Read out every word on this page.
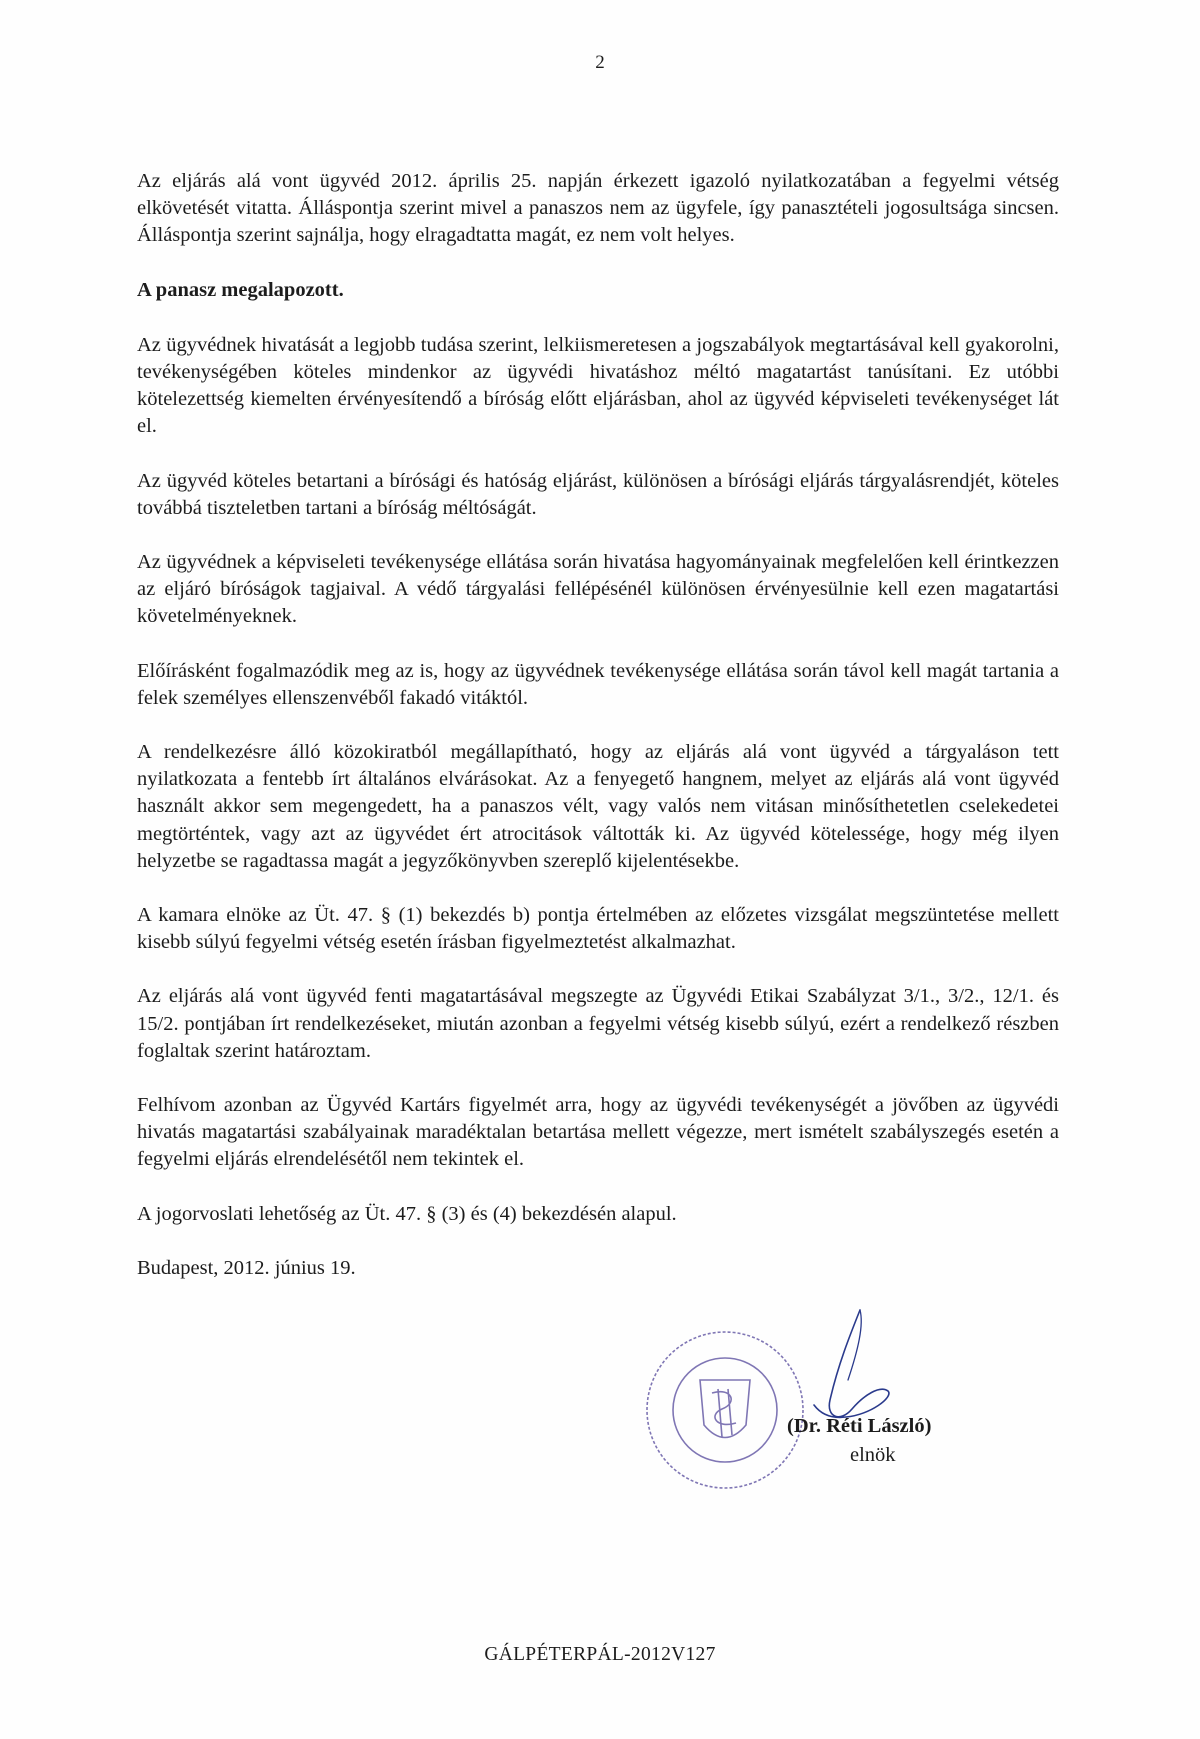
2

Az eljárás alá vont ügyvéd 2012. április 25. napján érkezett igazoló nyilatkozatában a fegyelmi vétség elkövetését vitatta. Álláspontja szerint mivel a panaszos nem az ügyfele, így panasztételi jogosultsága sincsen. Álláspontja szerint sajnálja, hogy elragadtatta magát, ez nem volt helyes.

A panasz megalapozott.

Az ügyvédnek hivatását a legjobb tudása szerint, lelkiismeretesen a jogszabályok megtartásával kell gyakorolni, tevékenységében köteles mindenkor az ügyvédi hivatáshoz méltó magatartást tanúsítani. Ez utóbbi kötelezettség kiemelten érvényesítendő a bíróság előtt eljárásban, ahol az ügyvéd képviseleti tevékenységet lát el.

Az ügyvéd köteles betartani a bírósági és hatóság eljárást, különösen a bírósági eljárás tárgyalásrendjét, köteles továbbá tiszteletben tartani a bíróság méltóságát.

Az ügyvédnek a képviseleti tevékenysége ellátása során hivatása hagyományainak megfelelően kell érintkezzen az eljáró bíróságok tagjaival. A védő tárgyalási fellépésénél különösen érvényesülnie kell ezen magatartási követelményeknek.

Előírásként fogalmazódik meg az is, hogy az ügyvédnek tevékenysége ellátása során távol kell magát tartania a felek személyes ellenszenvéből fakadó vitáktól.

A rendelkezésre álló közokiratból megállapítható, hogy az eljárás alá vont ügyvéd a tárgyaláson tett nyilatkozata a fentebb írt általános elvárásokat. Az a fenyegető hangnem, melyet az eljárás alá vont ügyvéd használt akkor sem megengedett, ha a panaszos vélt, vagy valós nem vitásan minősíthetetlen cselekedetei megtörténtek, vagy azt az ügyvédet ért atrocitások váltották ki. Az ügyvéd kötelessége, hogy még ilyen helyzetbe se ragadtassa magát a jegyzőkönyvben szereplő kijelentésekbe.

A kamara elnöke az Üt. 47. § (1) bekezdés b) pontja értelmében az előzetes vizsgálat megszüntetése mellett kisebb súlyú fegyelmi vétség esetén írásban figyelmeztetést alkalmazhat.

Az eljárás alá vont ügyvéd fenti magatartásával megszegte az Ügyvédi Etikai Szabályzat 3/1., 3/2., 12/1. és 15/2. pontjában írt rendelkezéseket, miután azonban a fegyelmi vétség kisebb súlyú, ezért a rendelkező részben foglaltak szerint határoztam.

Felhívom azonban az Ügyvéd Kartárs figyelmét arra, hogy az ügyvédi tevékenységét a jövőben az ügyvédi hivatás magatartási szabályainak maradéktalan betartása mellett végezze, mert ismételt szabályszegés esetén a fegyelmi eljárás elrendelésétől nem tekintek el.

A jogorvoslati lehetőség az Üt. 47. § (3) és (4) bekezdésén alapul.

Budapest, 2012. június 19.

(Dr. Réti László)
elnök
GÁLPÉTERPÁL-2012V127
